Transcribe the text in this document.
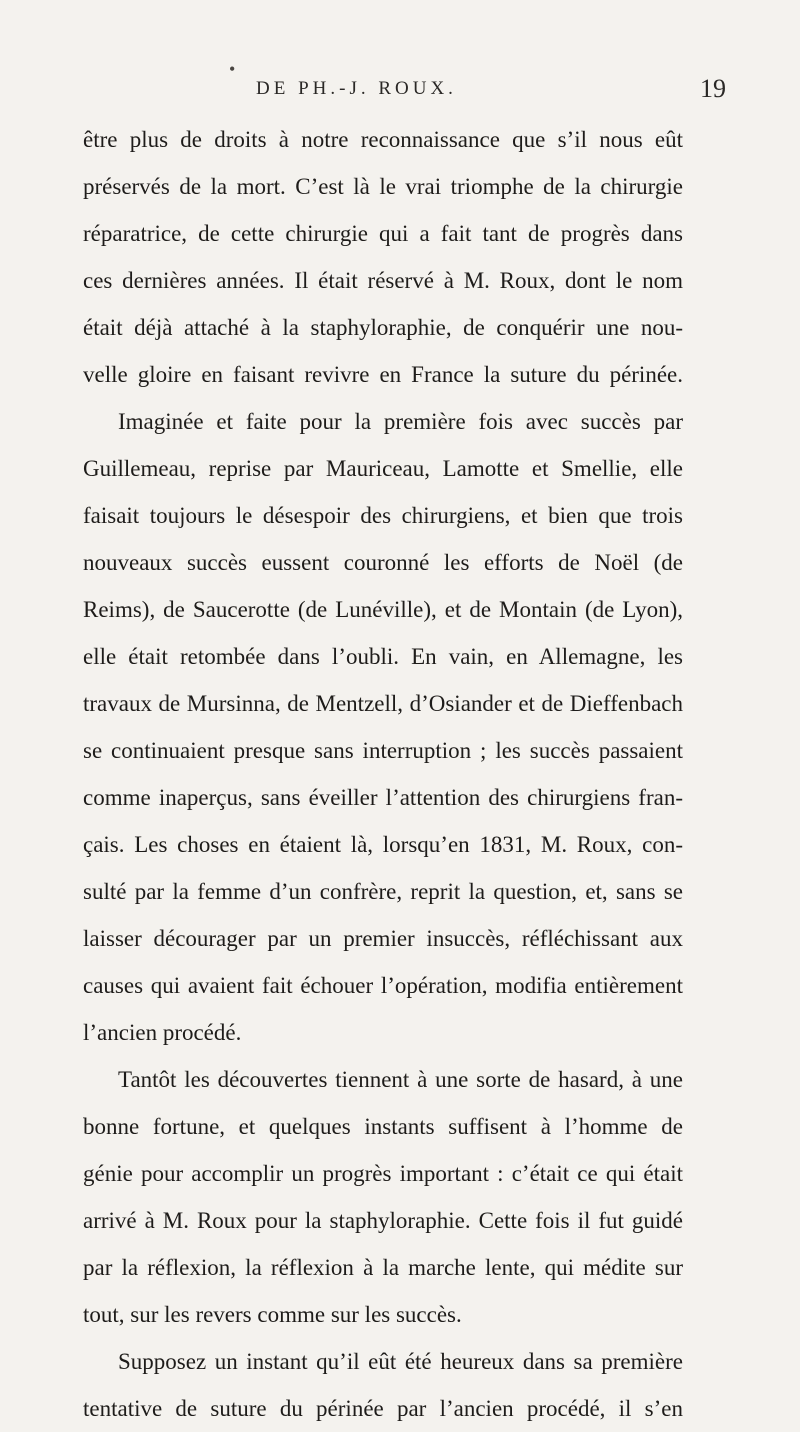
•
DE PH.-J. ROUX.	19
être plus de droits à notre reconnaissance que s’il nous eût
préservés de la mort. C’est là le vrai triomphe de la chirurgie
réparatrice, de cette chirurgie qui a fait tant de progrès dans
ces dernières années. Il était réservé à M. Roux, dont le nom
était déjà attaché à la staphyloraphie, de conquérir une nou-
velle gloire en faisant revivre en France la suture du périnée.
Imaginée et faite pour la première fois avec succès par
Guillemeau, reprise par Mauriceau, Lamotte et Smellie, elle
faisait toujours le désespoir des chirurgiens, et bien que trois
nouveaux succès eussent couronné les efforts de Noël (de
Reims), de Saucerotte (de Lunéville), et de Montain (de Lyon),
elle était retombée dans l’oubli. En vain, en Allemagne, les
travaux de Mursinna, de Mentzell, d’Osiander et de Dieffenbach
se continuaient presque sans interruption ; les succès passaient
comme inaperçus, sans éveiller l’attention des chirurgiens fran-
çais. Les choses en étaient là, lorsqu’en 1831, M. Roux, con-
sulté par la femme d’un confrère, reprit la question, et, sans se
laisser décourager par un premier insuccès, réfléchissant aux
causes qui avaient fait échouer l’opération, modifia entièrement
l’ancien procédé.
Tantôt les découvertes tiennent à une sorte de hasard, à une
bonne fortune, et quelques instants suffisent à l’homme de
génie pour accomplir un progrès important : c’était ce qui était
arrivé à M. Roux pour la staphyloraphie. Cette fois il fut guidé
par la réflexion, la réflexion à la marche lente, qui médite sur
tout, sur les revers comme sur les succès.
Supposez un instant qu’il eût été heureux dans sa première
tentative de suture du périnée par l’ancien procédé, il s’en
